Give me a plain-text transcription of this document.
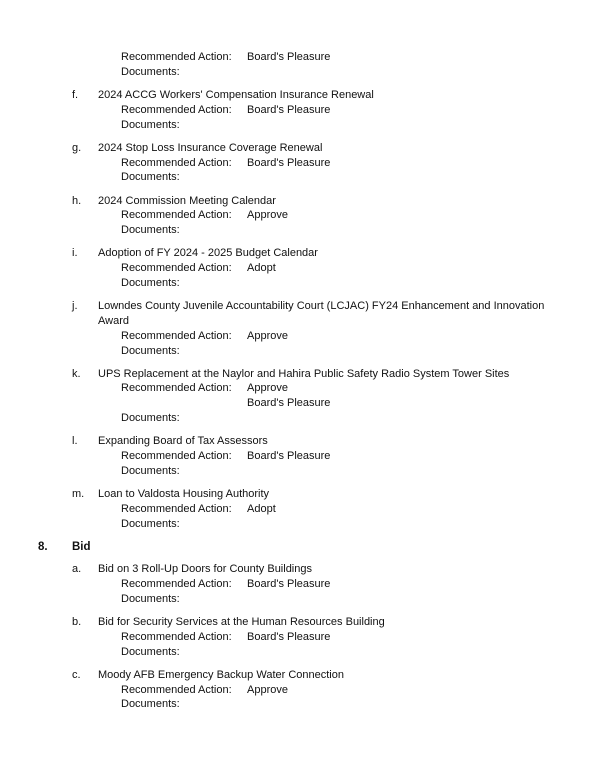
Recommended Action: Board's Pleasure
Documents:
f. 2024 ACCG Workers' Compensation Insurance Renewal
Recommended Action: Board's Pleasure
Documents:
g. 2024 Stop Loss Insurance Coverage Renewal
Recommended Action: Board's Pleasure
Documents:
h. 2024 Commission Meeting Calendar
Recommended Action: Approve
Documents:
i. Adoption of FY 2024 - 2025 Budget Calendar
Recommended Action: Adopt
Documents:
j. Lowndes County Juvenile Accountability Court (LCJAC) FY24 Enhancement and Innovation
Award
Recommended Action: Approve
Documents:
k. UPS Replacement at the Naylor and Hahira Public Safety Radio System Tower Sites
Recommended Action: Approve
Board's Pleasure
Documents:
l. Expanding Board of Tax Assessors
Recommended Action: Board's Pleasure
Documents:
m. Loan to Valdosta Housing Authority
Recommended Action: Adopt
Documents:
8. Bid
a. Bid on 3 Roll-Up Doors for County Buildings
Recommended Action: Board's Pleasure
Documents:
b. Bid for Security Services at the Human Resources Building
Recommended Action: Board's Pleasure
Documents:
c. Moody AFB Emergency Backup Water Connection
Recommended Action: Approve
Documents:
